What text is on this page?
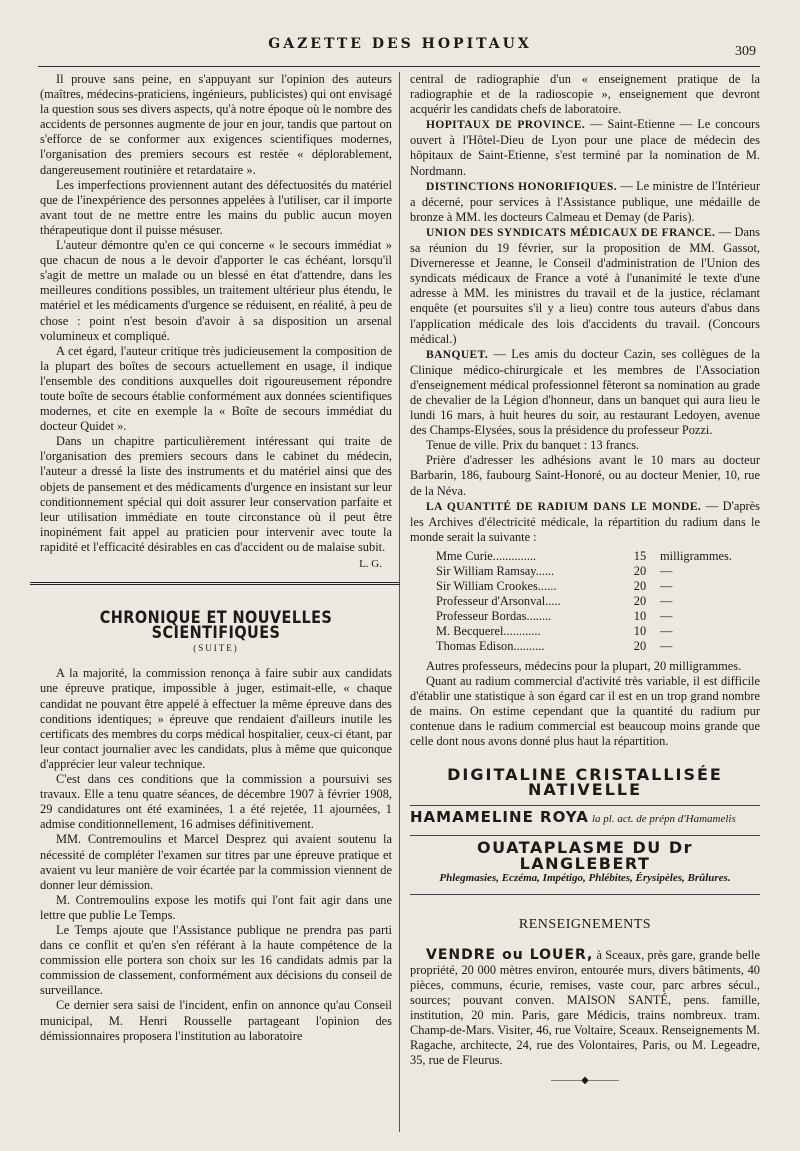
GAZETTE DES HOPITAUX	309

Il prouve sans peine, en s'appuyant sur l'opinion des auteurs (maîtres, médecins-praticiens, ingénieurs, publicistes) qui ont envisagé la question sous ses divers aspects, qu'à notre époque où le nombre des accidents de personnes augmente de jour en jour, tandis que partout on s'efforce de se conformer aux exigences scientifiques modernes, l'organisation des premiers secours est restée « déplorablement, dangereusement routinière et retardataire ».

Les imperfections proviennent autant des défectuosités du matériel que de l'inexpérience des personnes appelées à l'utiliser, car il importe avant tout de ne mettre entre les mains du public aucun moyen thérapeutique dont il puisse mésuser.

L'auteur démontre qu'en ce qui concerne « le secours immédiat » que chacun de nous a le devoir d'apporter le cas échéant, lorsqu'il s'agit de mettre un malade ou un blessé en état d'attendre, dans les meilleures conditions possibles, un traitement ultérieur plus étendu, le matériel et les médicaments d'urgence se réduisent, en réalité, à peu de chose : point n'est besoin d'avoir à sa disposition un arsenal volumineux et compliqué.

A cet égard, l'auteur critique très judicieusement la composition de la plupart des boîtes de secours actuellement en usage, il indique l'ensemble des conditions auxquelles doit rigoureusement répondre toute boîte de secours établie conformément aux données scientifiques modernes, et cite en exemple la « Boîte de secours immédiat du docteur Quidet ».

Dans un chapitre particulièrement intéressant qui traite de l'organisation des premiers secours dans le cabinet du médecin, l'auteur a dressé la liste des instruments et du matériel ainsi que des objets de pansement et des médicaments d'urgence en insistant sur leur conditionnement spécial qui doit assurer leur conservation parfaite et leur utilisation immédiate en toute circonstance où il peut être inopinément fait appel au praticien pour intervenir avec toute la rapidité et l'efficacité désirables en cas d'accident ou de malaise subit.

L. G.
CHRONIQUE ET NOUVELLES SCIENTIFIQUES
(SUITE)

A la majorité, la commission renonça à faire subir aux candidats une épreuve pratique, impossible à juger, estimait-elle, « chaque candidat ne pouvant être appelé à effectuer la même épreuve dans des conditions identiques; » épreuve que rendaient d'ailleurs inutile les certificats des membres du corps médical hospitalier, ceux-ci étant, par leur contact journalier avec les candidats, plus à même que quiconque d'apprécier leur valeur technique.

C'est dans ces conditions que la commission a poursuivi ses travaux. Elle a tenu quatre séances, de décembre 1907 à février 1908, 29 candidatures ont été examinées, 1 a été rejetée, 11 ajournées, 1 admise conditionnellement, 16 admises définitivement.

MM. Contremoulins et Marcel Desprez qui avaient soutenu la nécessité de compléter l'examen sur titres par une épreuve pratique et avaient vu leur manière de voir écartée par la commission viennent de donner leur démission.

M. Contremoulins expose les motifs qui l'ont fait agir dans une lettre que publie Le Temps.

Le Temps ajoute que l'Assistance publique ne prendra pas parti dans ce conflit et qu'en s'en référant à la haute compétence de la commission elle portera son choix sur les 16 candidats admis par la commission de classement, conformément aux décisions du conseil de surveillance.

Ce dernier sera saisi de l'incident, enfin on annonce qu'au Conseil municipal, M. Henri Rousselle partageant l'opinion des démissionnaires proposera l'institution au laboratoire

central de radiographie d'un « enseignement pratique de la radiographie et de la radioscopie », enseignement que devront acquérir les candidats chefs de laboratoire.

HOPITAUX DE PROVINCE. — Saint-Etienne — Le concours ouvert à l'Hôtel-Dieu de Lyon pour une place de médecin des hôpitaux de Saint-Etienne, s'est terminé par la nomination de M. Nordmann.

DISTINCTIONS HONORIFIQUES. — Le ministre de l'Intérieur a décerné, pour services à l'Assistance publique, une médaille de bronze à MM. les docteurs Calmeau et Demay (de Paris).

UNION DES SYNDICATS MÉDICAUX DE FRANCE. — Dans sa réunion du 19 février, sur la proposition de MM. Gassot, Diverneresse et Jeanne, le Conseil d'administration de l'Union des syndicats médicaux de France a voté à l'unanimité le texte d'une adresse à MM. les ministres du travail et de la justice, réclamant enquête (et poursuites s'il y a lieu) contre tous auteurs d'abus dans l'application médicale des lois d'accidents du travail. (Concours médical.)

BANQUET. — Les amis du docteur Cazin, ses collègues de la Clinique médico-chirurgicale et les membres de l'Association d'enseignement médical professionnel fêteront sa nomination au grade de chevalier de la Légion d'honneur, dans un banquet qui aura lieu le lundi 16 mars, à huit heures du soir, au restaurant Ledoyen, avenue des Champs-Elysées, sous la présidence du professeur Pozzi.

Tenue de ville. Prix du banquet : 13 francs.

Prière d'adresser les adhésions avant le 10 mars au docteur Barbarin, 186, faubourg Saint-Honoré, ou au docteur Menier, 10, rue de la Néva.

LA QUANTITÉ DE RADIUM DANS LE MONDE. — D'après les Archives d'électricité médicale, la répartition du radium dans le monde serait la suivante :

Mme Curie..............	15	milligrammes.
Sir William Ramsay......	20	—
Sir William Crookes......	20	—
Professeur d'Arsonval.....	20	—
Professeur Bordas........	10	—
M. Becquerel............	10	—
Thomas Edison..........	20	—

Autres professeurs, médecins pour la plupart, 20 milligrammes.

Quant au radium commercial d'activité très variable, il est difficile d'établir une statistique à son égard car il est en un trop grand nombre de mains. On estime cependant que la quantité du radium pur contenue dans le radium commercial est beaucoup moins grande que celle dont nous avons donné plus haut la répartition.

DIGITALINE CRISTALLISÉE NATIVELLE
HAMAMELINE ROYA la pl. act. de prépn d'Hamamelis
OUATAPLASME DU Dr LANGLEBERT
Phlegmasies, Eczéma, Impétigo, Phlébites, Érysipèles, Brûlures.
RENSEIGNEMENTS

VENDRE ou LOUER, à Sceaux, près gare, grande belle propriété, 20 000 mètres environ, entourée murs, divers bâtiments, 40 pièces, communs, écurie, remises, vaste cour, parc arbres sécul., sources; pouvant conven. MAISON SANTÉ, pens. famille, institution, 20 min. Paris, gare Médicis, trains nombreux. tram. Champ-de-Mars. Visiter, 46, rue Voltaire, Sceaux. Renseignements M. Ragache, architecte, 24, rue des Volontaires, Paris, ou M. Legeadre, 35, rue de Fleurus.

———◆———
